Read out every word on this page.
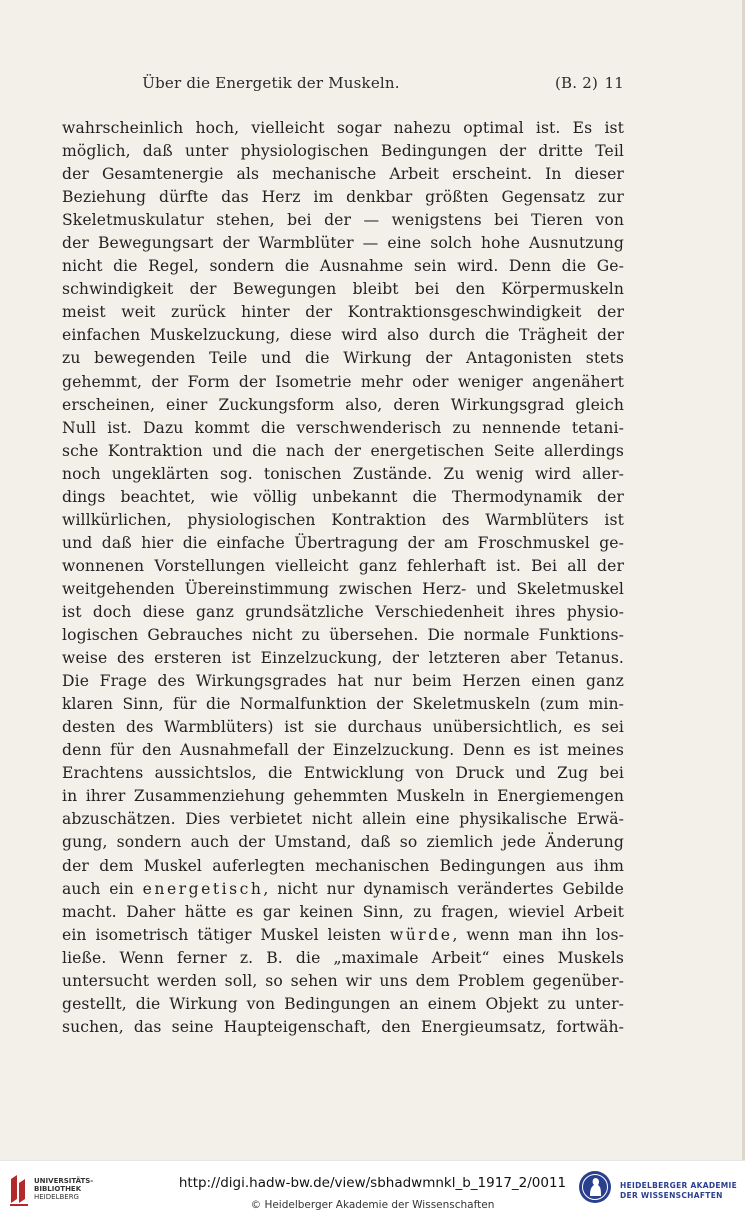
Über die Energetik der Muskeln.	(B. 2) 11
wahrscheinlich hoch, vielleicht sogar nahezu optimal ist. Es ist
möglich, daß unter physiologischen Bedingungen der dritte Teil
der Gesamtenergie als mechanische Arbeit erscheint. In dieser
Beziehung dürfte das Herz im denkbar größten Gegensatz zur
Skeletmuskulatur stehen, bei der — wenigstens bei Tieren von
der Bewegungsart der Warmblüter — eine solch hohe Ausnutzung
nicht die Regel, sondern die Ausnahme sein wird. Denn die Ge-
schwindigkeit der Bewegungen bleibt bei den Körpermuskeln
meist weit zurück hinter der Kontraktionsgeschwindigkeit der
einfachen Muskelzuckung, diese wird also durch die Trägheit der
zu bewegenden Teile und die Wirkung der Antagonisten stets
gehemmt, der Form der Isometrie mehr oder weniger angenähert
erscheinen, einer Zuckungsform also, deren Wirkungsgrad gleich
Null ist. Dazu kommt die verschwenderisch zu nennende tetani-
sche Kontraktion und die nach der energetischen Seite allerdings
noch ungeklärten sog. tonischen Zustände. Zu wenig wird aller-
dings beachtet, wie völlig unbekannt die Thermodynamik der
willkürlichen, physiologischen Kontraktion des Warmblüters ist
und daß hier die einfache Übertragung der am Froschmuskel ge-
wonnenen Vorstellungen vielleicht ganz fehlerhaft ist. Bei all der
weitgehenden Übereinstimmung zwischen Herz- und Skeletmuskel
ist doch diese ganz grundsätzliche Verschiedenheit ihres physio-
logischen Gebrauches nicht zu übersehen. Die normale Funktions-
weise des ersteren ist Einzelzuckung, der letzteren aber Tetanus.
Die Frage des Wirkungsgrades hat nur beim Herzen einen ganz
klaren Sinn, für die Normalfunktion der Skeletmuskeln (zum min-
desten des Warmblüters) ist sie durchaus unübersichtlich, es sei
denn für den Ausnahmefall der Einzelzuckung. Denn es ist meines
Erachtens aussichtslos, die Entwicklung von Druck und Zug bei
in ihrer Zusammenziehung gehemmten Muskeln in Energiemengen
abzuschätzen. Dies verbietet nicht allein eine physikalische Erwä-
gung, sondern auch der Umstand, daß so ziemlich jede Änderung
der dem Muskel auferlegten mechanischen Bedingungen aus ihm
auch ein energetisch, nicht nur dynamisch verändertes Gebilde
macht. Daher hätte es gar keinen Sinn, zu fragen, wieviel Arbeit
ein isometrisch tätiger Muskel leisten würde, wenn man ihn los-
ließe. Wenn ferner z. B. die „maximale Arbeit“ eines Muskels
untersucht werden soll, so sehen wir uns dem Problem gegenüber-
gestellt, die Wirkung von Bedingungen an einem Objekt zu unter-
suchen, das seine Haupteigenschaft, den Energieumsatz, fortwäh-
UNIVERSITÄTS-
BIBLIOTHEK
HEIDELBERG
http://digi.hadw-bw.de/view/sbhadwmnkl_b_1917_2/0011
© Heidelberger Akademie der Wissenschaften
HEIDELBERGER AKADEMIE
DER WISSENSCHAFTEN
